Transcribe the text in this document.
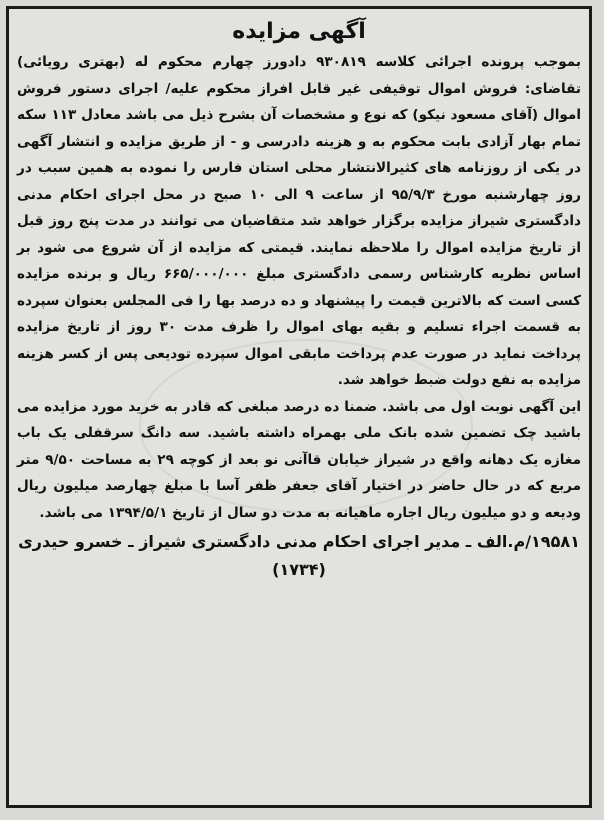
آگهی مزایده

بموجب پرونده اجرائی کلاسه ۹۳۰۸۱۹ دادورز چهارم محکوم له (بهتری رویائی) تقاضای: فروش اموال توقیفی غیر قابل افراز محکوم علیه/ اجرای دستور فروش اموال (آقای مسعود نیکو) که نوع و مشخصات آن بشرح ذیل می باشد معادل ۱۱۳ سکه تمام بهار آزادی بابت محکوم به و هزینه دادرسی و - از طریق مزایده و انتشار آگهی در یکی از روزنامه های کثیرالانتشار محلی استان فارس را نموده به همین سبب در روز چهارشنبه مورخ ۹۵/۹/۳ از ساعت ۹ الی ۱۰ صبح در محل اجرای احکام مدنی دادگستری شیراز مزایده برگزار خواهد شد متقاضیان می توانند در مدت پنج روز قبل از تاریخ مزایده اموال را ملاحظه نمایند. قیمتی که مزایده از آن شروع می شود بر اساس نظریه کارشناس رسمی دادگستری مبلغ ۶۶۵/۰۰۰/۰۰۰ ریال و برنده مزایده کسی است که بالاترین قیمت را پیشنهاد و ده درصد بها را فی المجلس بعنوان سپرده به قسمت اجراء تسلیم و بقیه بهای اموال را ظرف مدت ۳۰ روز از تاریخ مزایده پرداخت نماید در صورت عدم پرداخت مابقی اموال سپرده تودیعی پس از کسر هزینه مزایده به نفع دولت ضبط خواهد شد.

این آگهی نوبت اول می باشد. ضمنا ده درصد مبلغی که قادر به خرید مورد مزایده می باشید چک تضمین شده بانک ملی بهمراه داشته باشید. سه دانگ سرقفلی یک باب مغازه یک دهانه واقع در شیراز خیابان قاآنی نو بعد از کوچه ۲۹ به مساحت ۹/۵۰ متر مربع که در حال حاضر در اختیار آقای جعفر ظفر آسا با مبلغ چهارصد میلیون ریال ودیعه و دو میلیون ریال اجاره ماهیانه به مدت دو سال از تاریخ ۱۳۹۴/۵/۱ می باشد.

۱۹۵۸۱/م.الف ـ مدیر اجرای احکام مدنی دادگستری شیراز ـ خسرو حیدری
(۱۷۳۴)
